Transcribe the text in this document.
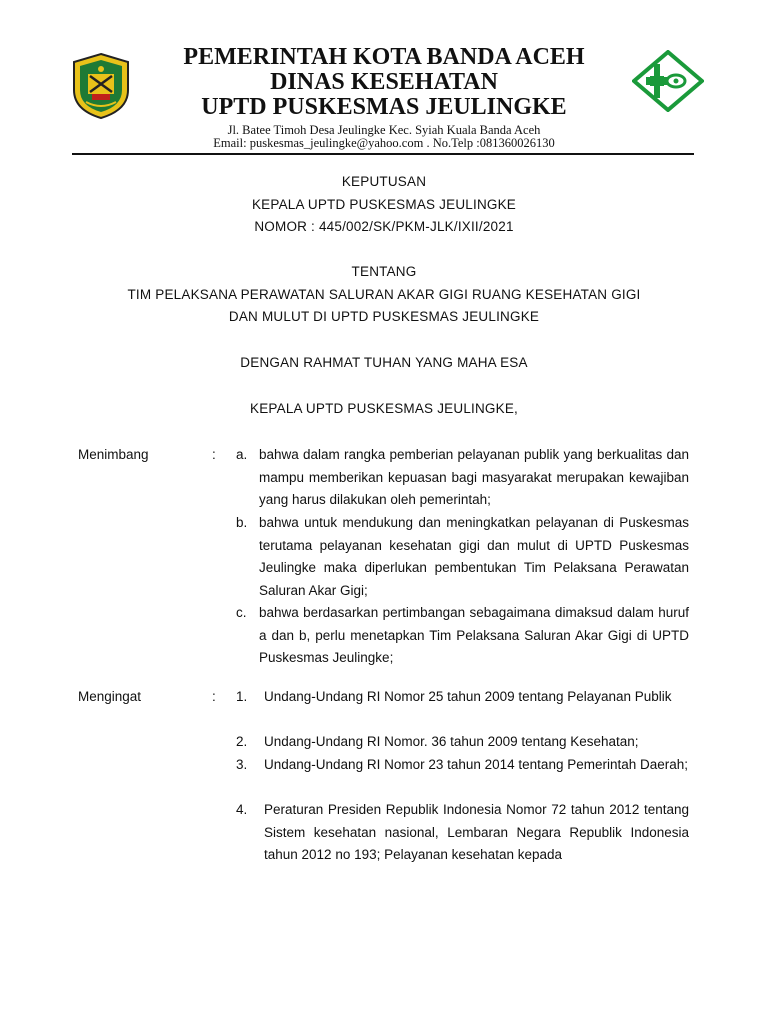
PEMERINTAH KOTA BANDA ACEH
DINAS KESEHATAN
UPTD PUSKESMAS JEULINGKE
Jl. Batee Timoh Desa Jeulingke Kec. Syiah Kuala Banda Aceh
Email: puskesmas_jeulingke@yahoo.com . No.Telp :081360026130
KEPUTUSAN
KEPALA UPTD PUSKESMAS JEULINGKE
NOMOR : 445/002/SK/PKM-JLK/IXII/2021
TENTANG
TIM PELAKSANA PERAWATAN SALURAN AKAR GIGI RUANG KESEHATAN GIGI
DAN MULUT DI UPTD PUSKESMAS JEULINGKE
DENGAN RAHMAT TUHAN YANG MAHA ESA
KEPALA UPTD PUSKESMAS JEULINGKE,
Menimbang	: a. bahwa dalam rangka pemberian pelayanan publik yang berkualitas dan mampu memberikan kepuasan bagi masyarakat merupakan kewajiban yang harus dilakukan oleh pemerintah;
b. bahwa untuk mendukung dan meningkatkan pelayanan di Puskesmas terutama pelayanan kesehatan gigi dan mulut di UPTD Puskesmas Jeulingke maka diperlukan pembentukan Tim Pelaksana Perawatan Saluran Akar Gigi;
c. bahwa berdasarkan pertimbangan sebagaimana dimaksud dalam huruf a dan b, perlu menetapkan Tim Pelaksana Saluran Akar Gigi di UPTD Puskesmas Jeulingke;
Mengingat	: 1. Undang-Undang RI Nomor 25 tahun 2009 tentang Pelayanan Publik
2. Undang-Undang RI Nomor. 36 tahun 2009 tentang Kesehatan;
3. Undang-Undang RI Nomor 23 tahun 2014 tentang Pemerintah Daerah;
4. Peraturan Presiden Republik Indonesia Nomor 72 tahun 2012 tentang Sistem kesehatan nasional, Lembaran Negara Republik Indonesia tahun 2012 no 193; Pelayanan kesehatan kepada
